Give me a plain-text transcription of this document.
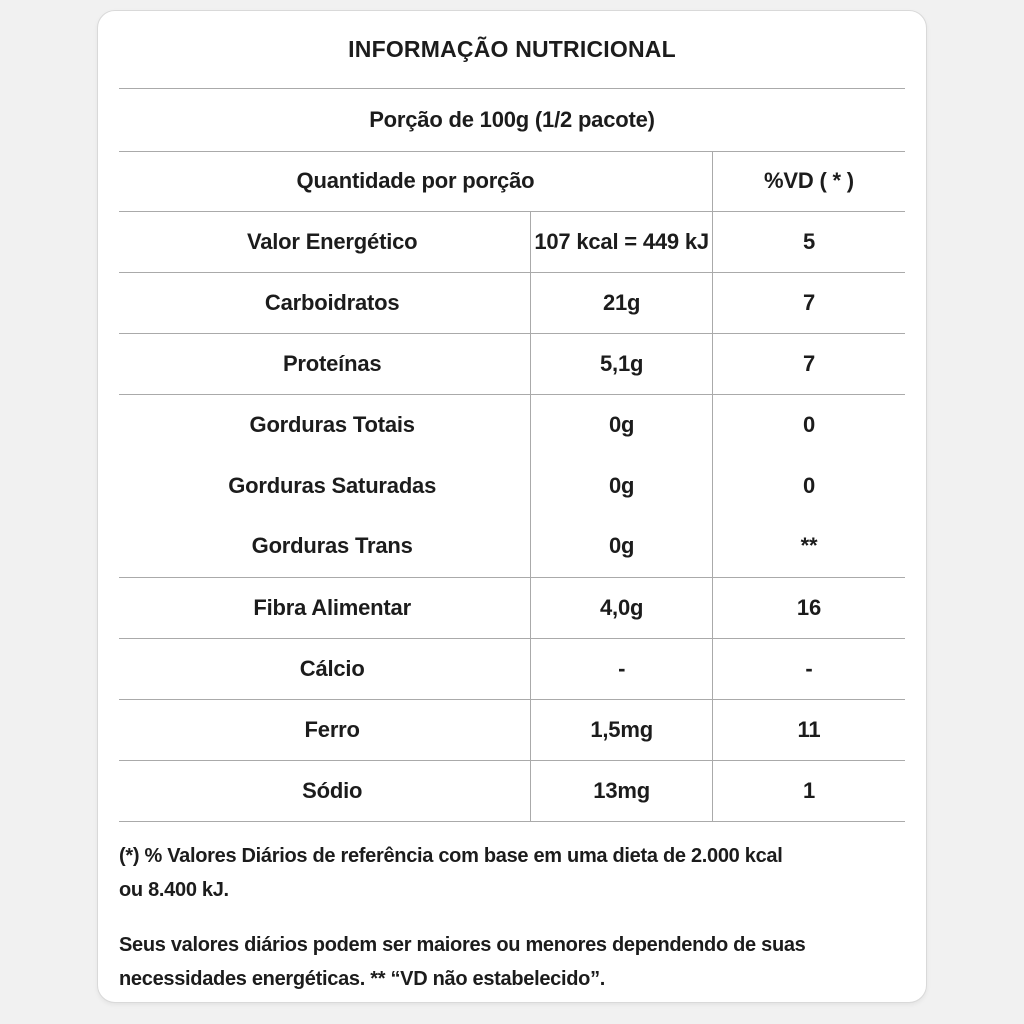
INFORMAÇÃO NUTRICIONAL		
Porção de 100g (1/2 pacote)		
Quantidade por porção		%VD ( * )
Valor Energético	107 kcal = 449 kJ	5
Carboidratos	21g	7
Proteínas	5,1g	7
Gorduras Totais	0g	0
Gorduras Saturadas	0g	0
Gorduras Trans	0g	**
Fibra Alimentar	4,0g	16
Cálcio	-	-
Ferro	1,5mg	11
Sódio	13mg	1

(*) % Valores Diários de referência com base em uma dieta de 2.000 kcal
ou 8.400 kJ.

Seus valores diários podem ser maiores ou menores dependendo de suas
necessidades energéticas. ** “VD não estabelecido”.
